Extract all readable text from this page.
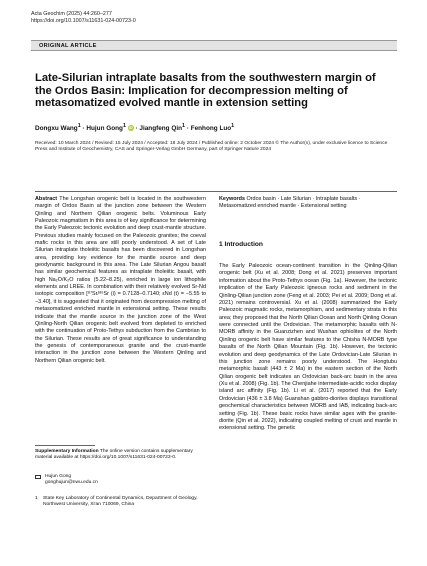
Acta Geochim (2025) 44:260–277
https://doi.org/10.1007/s11631-024-00723-0
ORIGINAL ARTICLE
Late-Silurian intraplate basalts from the southwestern margin of the Ordos Basin: Implication for decompression melting of metasomatized evolved mantle in extension setting
Dongxu Wang$^1$ · Hujun Gong$^1$ iD · Jiangfeng Qin$^1$ · Fenhong Luo$^1$
Received: 10 March 2024 / Revised: 15 July 2024 / Accepted: 18 July 2024 / Published online: 2 October 2024 © The Author(s), under exclusive licence to Science Press and Institute of Geochemistry, CAS and Springer-Verlag GmbH Germany, part of Springer Nature 2024

Abstract The Longshan orogenic belt is located in the southwestern margin of Ordos Basin at the junction zone between the Western Qinling and Northern Qilian orogenic belts. Voluminous Early Paleozoic magmatism in this area is of key significance for determining the Early Paleozoic tectonic evolution and deep crust-mantle structure. Previous studies mainly focused on the Paleozoic granites; the coeval mafic rocks in this area are still poorly understood. A set of Late Silurian intraplate tholeiitic basalts has been discovered in Longshan area, providing key evidence for the mantle source and deep geodynamic background in this area. The Late Silurian Angou basalt has similar geochemical features as intraplate tholeiitic basalt, with high Na₂O/K₂O ratios (5.22–8.25), enriched in large ion lithophile elements and LREE. In combination with their relatively evolved Sr-Nd isotopic composition [⁸⁷Sr/⁸⁶Sr (i) = 0.7128–0.7140; εNd (t) = −5.55 to −3.40], it is suggested that it originated from decompression melting of metasomatized enriched mantle in extensional setting. These results indicate that the mantle source in the junction zone of the West Qinling-North Qilian orogenic belt evolved from depleted to enriched with the continuation of Proto-Tethys subduction from the Cambrian to the Silurian. These results are of great significance to understanding the genesis of contemporaneous granite and the crust-mantle interaction in the junction zone between the Western Qinling and Northern Qilian orogenic belt.

Keywords Ordos basin · Late Silurian · Intraplate basalts · Metasomatized enriched mantle · Extensional setting

1 Introduction

The Early Paleozoic ocean-continent transition in the Qinling-Qilian orogenic belt (Xu et al. 2008; Dong et al. 2021) preserves important information about the Proto-Tethys ocean (Fig. 1a). However, the tectonic implication of the Early Paleozoic igneous rocks and sediment in the Qinling-Qilian junction zone (Feng et al. 2003; Pei et al. 2009; Dong et al. 2021) remains controversial. Xu et al. (2008) summarized the Early Paleozoic magmatic rocks, metamorphism, and sedimentary strata in this area; they proposed that the North Qilian Ocean and North Qinling Ocean were connected until the Ordovician. The metamorphic basalts with N-MORB affinity in the Guanzizhen and Wushan ophiolites of the North Qinling orogenic belt have similar features to the Chisha N-MORB type basalts of the North Qilian Mountain (Fig. 1b). However, the tectonic evolution and deep geodynamics of the Late Ordovician-Late Silurian in this junction zone remains poorly understood. The Hongtubu metamorphic basalt (443 ± 2 Ma) in the eastern section of the North Qilian orogenic belt indicates an Ordovician back-arc basin in the area (Xu et al. 2008) (Fig. 1b). The Chenjiahe intermediate-acidic rocks display island arc affinity (Fig. 1b). Li et al. (2017) reported that the Early Ordovician (436 ± 3.8 Ma) Guanshan gabbro-diorites displays transitional geochemical characteristics between MORB and IAB, indicating back-arc setting (Fig. 1b). These basic rocks have similar ages with the granite-diorite (Qin et al. 2022), indicating coupled melting of crust and mantle in extensional setting. The genetic

Supplementary Information The online version contains supplementary material available at https://doi.org/10.1007/s11631-024-00723-0.

Hujun Gong
gonghujun@nwu.edu.cn
1	State Key Laboratory of Continental Dynamics, Department of Geology, Northwest University, Xi'an 710069, China
